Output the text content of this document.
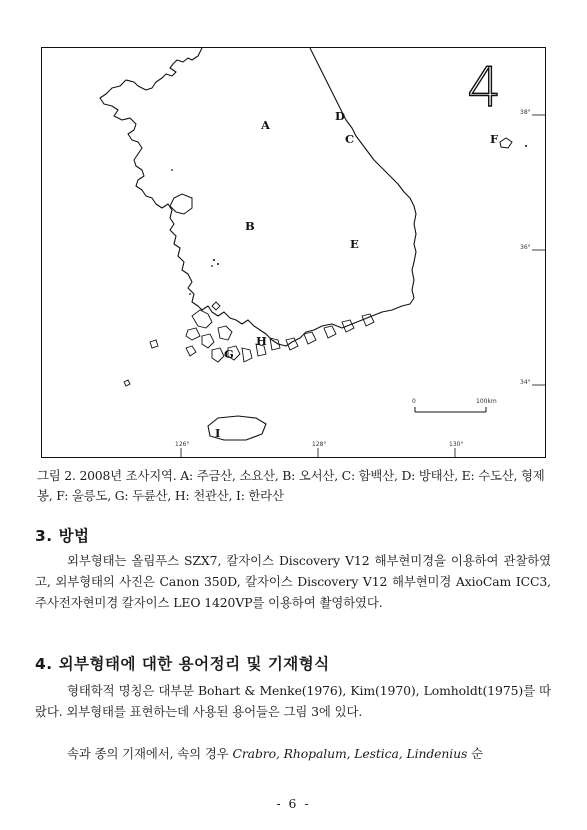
38°
36°
34°
126°	128°	130°
0	100km
4
A
D
C	F
B
E
H
G
I
그림 2. 2008년 조사지역. A: 주금산, 소요산, B: 오서산, C: 함백산, D: 방태산, E: 수도산, 형제봉, F: 울릉도, G: 두륜산, H: 천관산, I: 한라산
3. 방법
외부형태는 올림푸스 SZX7, 칼자이스 Discovery V12 해부현미경을 이용하여 관찰하였고, 외부형태의 사진은 Canon 350D, 칼자이스 Discovery V12 해부현미경 AxioCam ICC3, 주사전자현미경 칼자이스 LEO 1420VP를 이용하여 촬영하였다.
4. 외부형태에 대한 용어정리 및 기재형식
형태학적 명칭은 대부분 Bohart & Menke(1976), Kim(1970), Lomholdt(1975)를 따랐다. 외부형태를 표현하는데 사용된 용어들은 그림 3에 있다.
속과 종의 기재에서, 속의 경우 Crabro, Rhopalum, Lestica, Lindenius 순
- 6 -
